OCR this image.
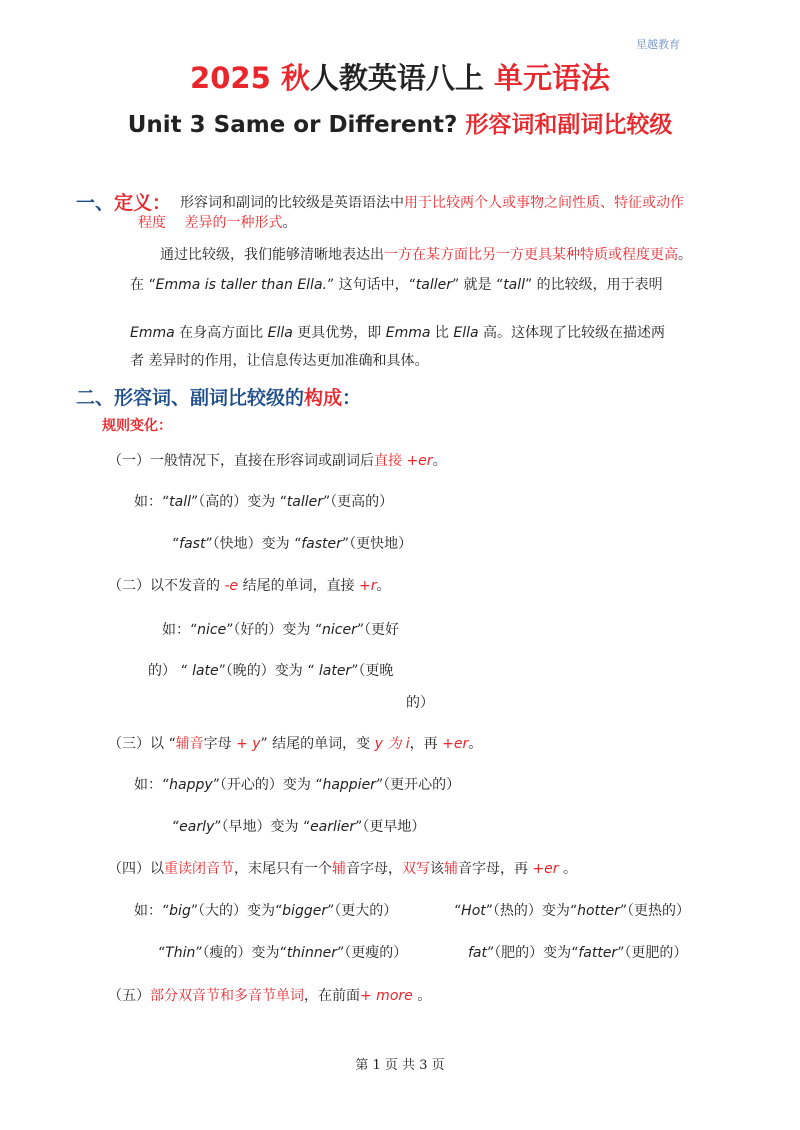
星越教育
2025 秋人教英语八上 单元语法
Unit 3 Same or Different? 形容词和副词比较级
一、定义： 形容词和副词的比较级是英语语法中用于比较两个人或事物之间性质、特征或动作
程度　 差异的一种形式。
通过比较级，我们能够清晰地表达出一方在某方面比另一方更具某种特质或程度更高。
在 “Emma is taller than Ella.” 这句话中，“taller” 就是 “tall” 的比较级，用于表明
Emma 在身高方面比 Ella 更具优势，即 Emma 比 Ella 高。这体现了比较级在描述两
者 差异时的作用，让信息传达更加准确和具体。
二、形容词、副词比较级的构成：
规则变化：
（一）一般情况下，直接在形容词或副词后直接 +er。
如：“tall”（高的）变为 “taller”（更高的）
“fast”（快地）变为 “faster”（更快地）
（二）以不发音的 -e 结尾的单词，直接 +r。
如：“nice”（好的）变为 “nicer”（更好
的） “ late”（晚的）变为 “ later”（更晚
的）
（三）以 “辅音字母 + y” 结尾的单词，变 y 为 i，再 +er。
如：“happy”（开心的）变为 “happier”（更开心的）
“early”（早地）变为 “earlier”（更早地）
（四）以重读闭音节，末尾只有一个辅音字母，双写该辅音字母，再 +er 。
如：“big”（大的）变为“bigger”（更大的）	“Hot”（热的）变为“hotter”（更热的）
“Thin”（瘦的）变为“thinner”（更瘦的）	fat”（肥的）变为“fatter”（更肥的）
（五）部分双音节和多音节单词，在前面+ more 。
第 1 页 共 3 页
